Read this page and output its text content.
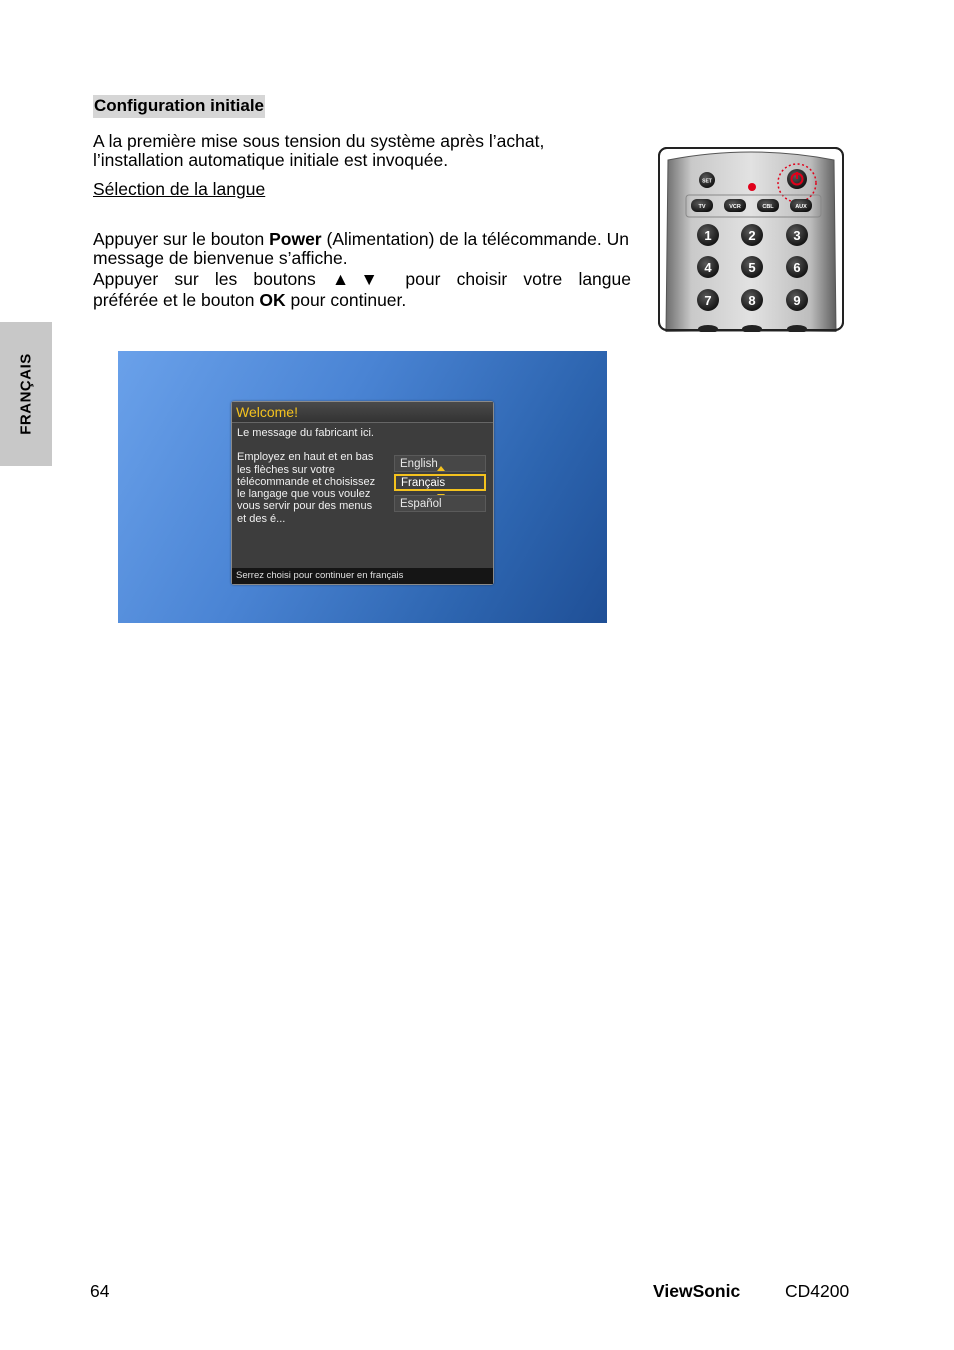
FRANÇAIS
Configuration initiale
A la première mise sous tension du système après l’achat, l’installation automatique initiale est invoquée.
Sélection de la langue
Appuyer sur le bouton Power (Alimentation) de la télécommande. Un message de bienvenue s’affiche.
Appuyer sur les boutons ▲▼ pour choisir votre langue
préférée et le bouton OK pour continuer.
SET
TV	VCR	CBL	AUX
1	2	3
4	5	6
7	8	9
Welcome!

Le message du fabricant ici.

Employez en haut et en bas les flèches sur votre télécommande et choisissez le langage que vous voulez vous servir pour des menus et des é...

English
Français
Español
Serrez choisi pour continuer en français
64	ViewSonic	CD4200
